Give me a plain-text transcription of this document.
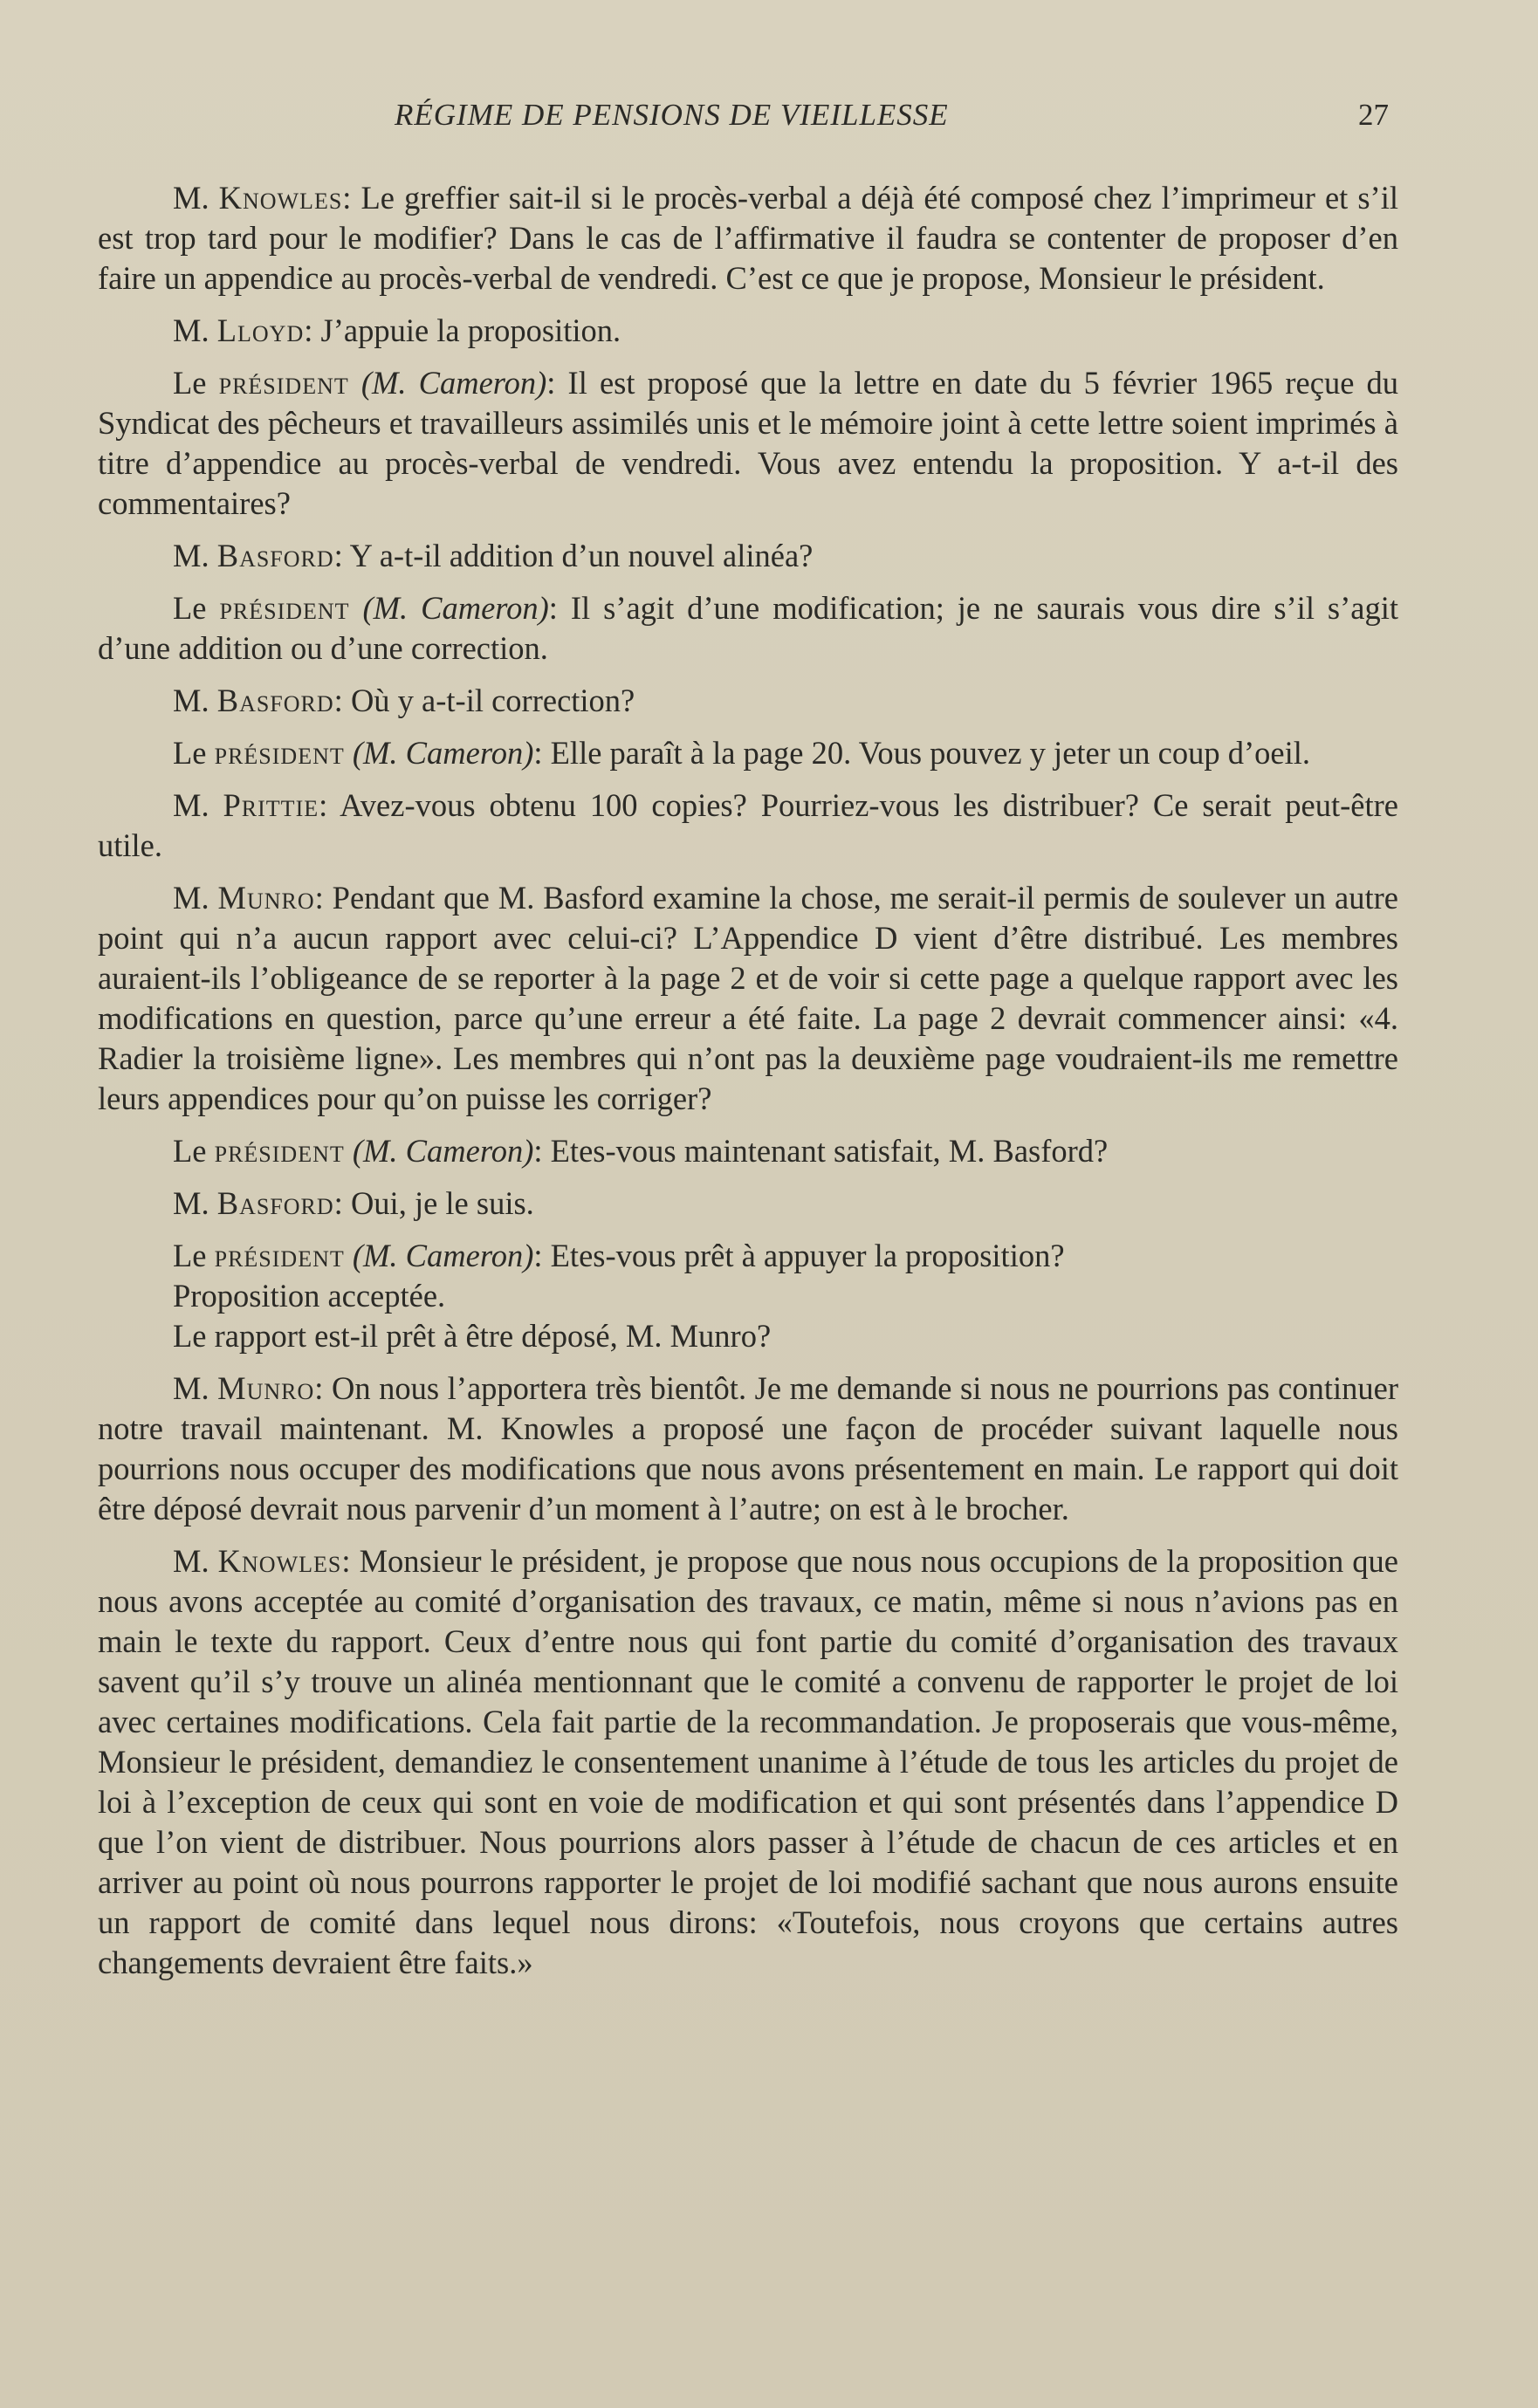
RÉGIME DE PENSIONS DE VIEILLESSE	27

M. Knowles: Le greffier sait-il si le procès-verbal a déjà été composé chez l’imprimeur et s’il est trop tard pour le modifier? Dans le cas de l’affirmative il faudra se contenter de proposer d’en faire un appendice au procès-verbal de vendredi. C’est ce que je propose, Monsieur le président.

M. Lloyd: J’appuie la proposition.

Le président (M. Cameron): Il est proposé que la lettre en date du 5 février 1965 reçue du Syndicat des pêcheurs et travailleurs assimilés unis et le mémoire joint à cette lettre soient imprimés à titre d’appendice au procès-verbal de vendredi. Vous avez entendu la proposition. Y a-t-il des commentaires?

M. Basford: Y a-t-il addition d’un nouvel alinéa?

Le président (M. Cameron): Il s’agit d’une modification; je ne saurais vous dire s’il s’agit d’une addition ou d’une correction.

M. Basford: Où y a-t-il correction?

Le président (M. Cameron): Elle paraît à la page 20. Vous pouvez y jeter un coup d’oeil.

M. Prittie: Avez-vous obtenu 100 copies? Pourriez-vous les distribuer? Ce serait peut-être utile.

M. Munro: Pendant que M. Basford examine la chose, me serait-il permis de soulever un autre point qui n’a aucun rapport avec celui-ci? L’Appendice D vient d’être distribué. Les membres auraient-ils l’obligeance de se reporter à la page 2 et de voir si cette page a quelque rapport avec les modifications en question, parce qu’une erreur a été faite. La page 2 devrait commencer ainsi: «4. Radier la troisième ligne». Les membres qui n’ont pas la deuxième page voudraient-ils me remettre leurs appendices pour qu’on puisse les corriger?

Le président (M. Cameron): Etes-vous maintenant satisfait, M. Basford?

M. Basford: Oui, je le suis.

Le président (M. Cameron): Etes-vous prêt à appuyer la proposition?

Proposition acceptée.

Le rapport est-il prêt à être déposé, M. Munro?

M. Munro: On nous l’apportera très bientôt. Je me demande si nous ne pourrions pas continuer notre travail maintenant. M. Knowles a proposé une façon de procéder suivant laquelle nous pourrions nous occuper des modifications que nous avons présentement en main. Le rapport qui doit être déposé devrait nous parvenir d’un moment à l’autre; on est à le brocher.

M. Knowles: Monsieur le président, je propose que nous nous occupions de la proposition que nous avons acceptée au comité d’organisation des travaux, ce matin, même si nous n’avions pas en main le texte du rapport. Ceux d’entre nous qui font partie du comité d’organisation des travaux savent qu’il s’y trouve un alinéa mentionnant que le comité a convenu de rapporter le projet de loi avec certaines modifications. Cela fait partie de la recommandation. Je proposerais que vous-même, Monsieur le président, demandiez le consentement unanime à l’étude de tous les articles du projet de loi à l’exception de ceux qui sont en voie de modification et qui sont présentés dans l’appendice D que l’on vient de distribuer. Nous pourrions alors passer à l’étude de chacun de ces articles et en arriver au point où nous pourrons rapporter le projet de loi modifié sachant que nous aurons ensuite un rapport de comité dans lequel nous dirons: «Toutefois, nous croyons que certains autres changements devraient être faits.»
